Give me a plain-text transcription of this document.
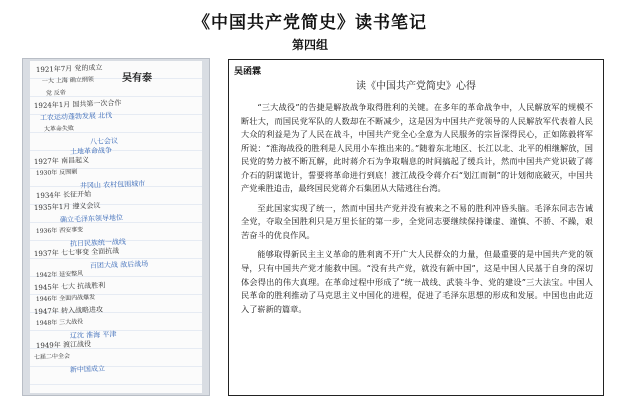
《中国共产党简史》读书笔记
第四组
吴有泰
1921年7月 党的成立
一大 上海 确立纲领
党 反帝
1924年1月 国共第一次合作
工农运动蓬勃发展 北伐
大革命失败
八七会议
土地革命战争
1927年 南昌起义
1930年 反围剿
井冈山 农村包围城市
1934年 长征开始
1935年1月 遵义会议
确立毛泽东领导地位
1936年 西安事变
抗日民族统一战线
1937年 七七事变 全面抗战
百团大战 敌后战场
1942年 延安整风
1945年 七大 抗战胜利
1946年 全面内战爆发
1947年 转入战略进攻
1948年 三大战役
辽沈 淮海 平津
1949年 渡江战役
七届二中全会
新中国成立
吴函霖
读《中国共产党简史》心得

“三大战役”的告捷是解放战争取得胜利的关键。在多年的革命战争中，人民解放军的规模不断壮大，而国民党军队的人数却在不断减少，这是因为中国共产党领导的人民解放军代表着人民大众的利益是为了人民在战斗，中国共产党全心全意为人民服务的宗旨深得民心，正如陈毅将军所说：“淮海战役的胜利是人民用小车推出来的。”随着东北地区、长江以北、北平的相继解放，国民党的势力被不断瓦解，此时蒋介石为争取喘息的时间搞起了缓兵计，然而中国共产党识破了蒋介石的阴谋诡计，誓要将革命进行到底！渡江战役令蒋介石“划江而制”的计划彻底破灭，中国共产党乘胜追击，最终国民党蒋介石集团从大陆逃往台湾。

至此国家实现了统一，然而中国共产党并没有被来之不易的胜利冲昏头脑。毛泽东同志告诫全党，夺取全国胜利只是万里长征的第一步，全党同志要继续保持谦虚、谨慎、不骄、不躁，艰苦奋斗的优良作风。

能够取得新民主主义革命的胜利离不开广大人民群众的力量，但最重要的是中国共产党的领导，只有中国共产党才能救中国。“没有共产党，就没有新中国”，这是中国人民基于自身的深切体会得出的伟大真理。在革命过程中形成了“统一战线、武装斗争、党的建设”三大法宝。中国人民革命的胜利推动了马克思主义中国化的进程，促进了毛泽东思想的形成和发展。中国也由此迈入了崭新的篇章。
